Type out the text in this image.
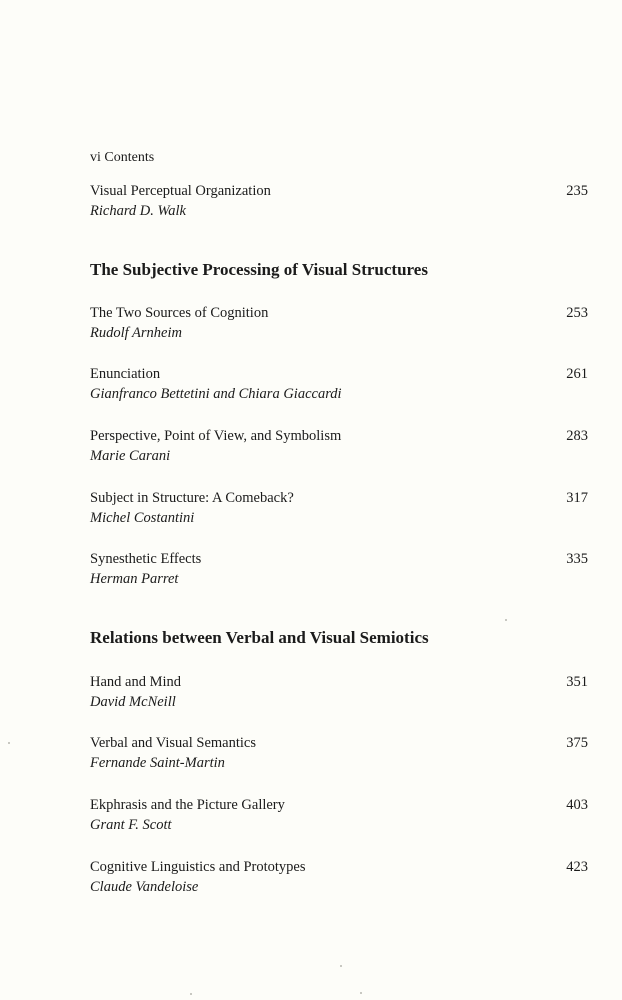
vi Contents
Visual Perceptual Organization
Richard D. Walk
235
The Subjective Processing of Visual Structures
The Two Sources of Cognition
Rudolf Arnheim
253
Enunciation
Gianfranco Bettetini and Chiara Giaccardi
261
Perspective, Point of View, and Symbolism
Marie Carani
283
Subject in Structure: A Comeback?
Michel Costantini
317
Synesthetic Effects
Herman Parret
335
Relations between Verbal and Visual Semiotics
Hand and Mind
David McNeill
351
Verbal and Visual Semantics
Fernande Saint-Martin
375
Ekphrasis and the Picture Gallery
Grant F. Scott
403
Cognitive Linguistics and Prototypes
Claude Vandeloise
423
